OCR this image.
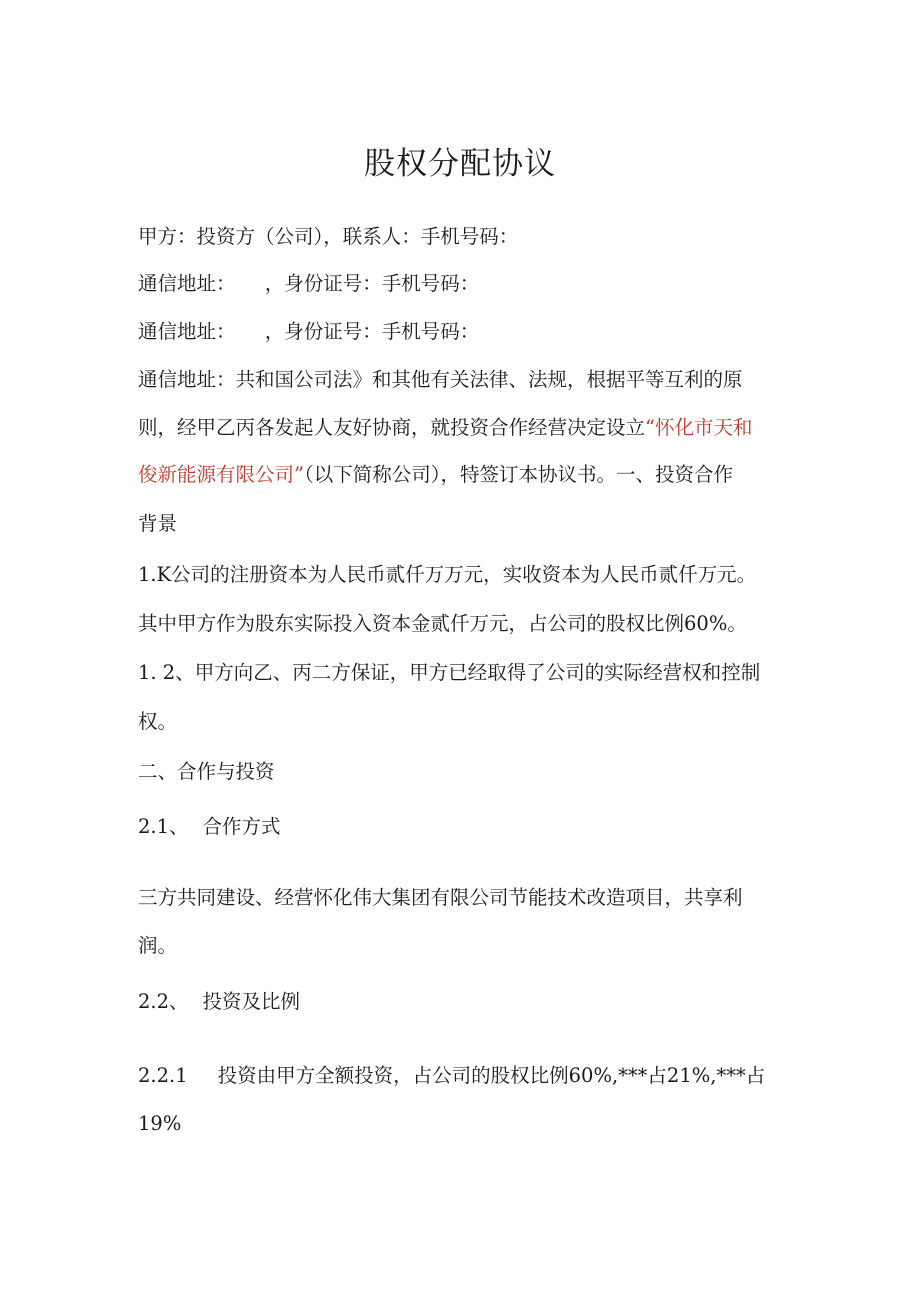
股权分配协议
甲方：投资方（公司），联系人：手机号码：
通信地址：　　，身份证号：手机号码：
通信地址：　　，身份证号：手机号码：
通信地址：共和国公司法》和其他有关法律、法规，根据平等互利的原
则，经甲乙丙各发起人友好协商，就投资合作经营决定设立“怀化市天和
俊新能源有限公司”（以下简称公司），特签订本协议书。一、投资合作
背景
1.K公司的注册资本为人民币贰仟万万元，实收资本为人民币贰仟万元。
其中甲方作为股东实际投入资本金贰仟万元，占公司的股权比例60%。
1. 2、甲方向乙、丙二方保证，甲方已经取得了公司的实际经营权和控制
权。
二、合作与投资
2.1、 合作方式
三方共同建设、经营怀化伟大集团有限公司节能技术改造项目，共享利
润。
2.2、 投资及比例
2.2.1 投资由甲方全额投资，占公司的股权比例60%,***占21%,***占
19%
